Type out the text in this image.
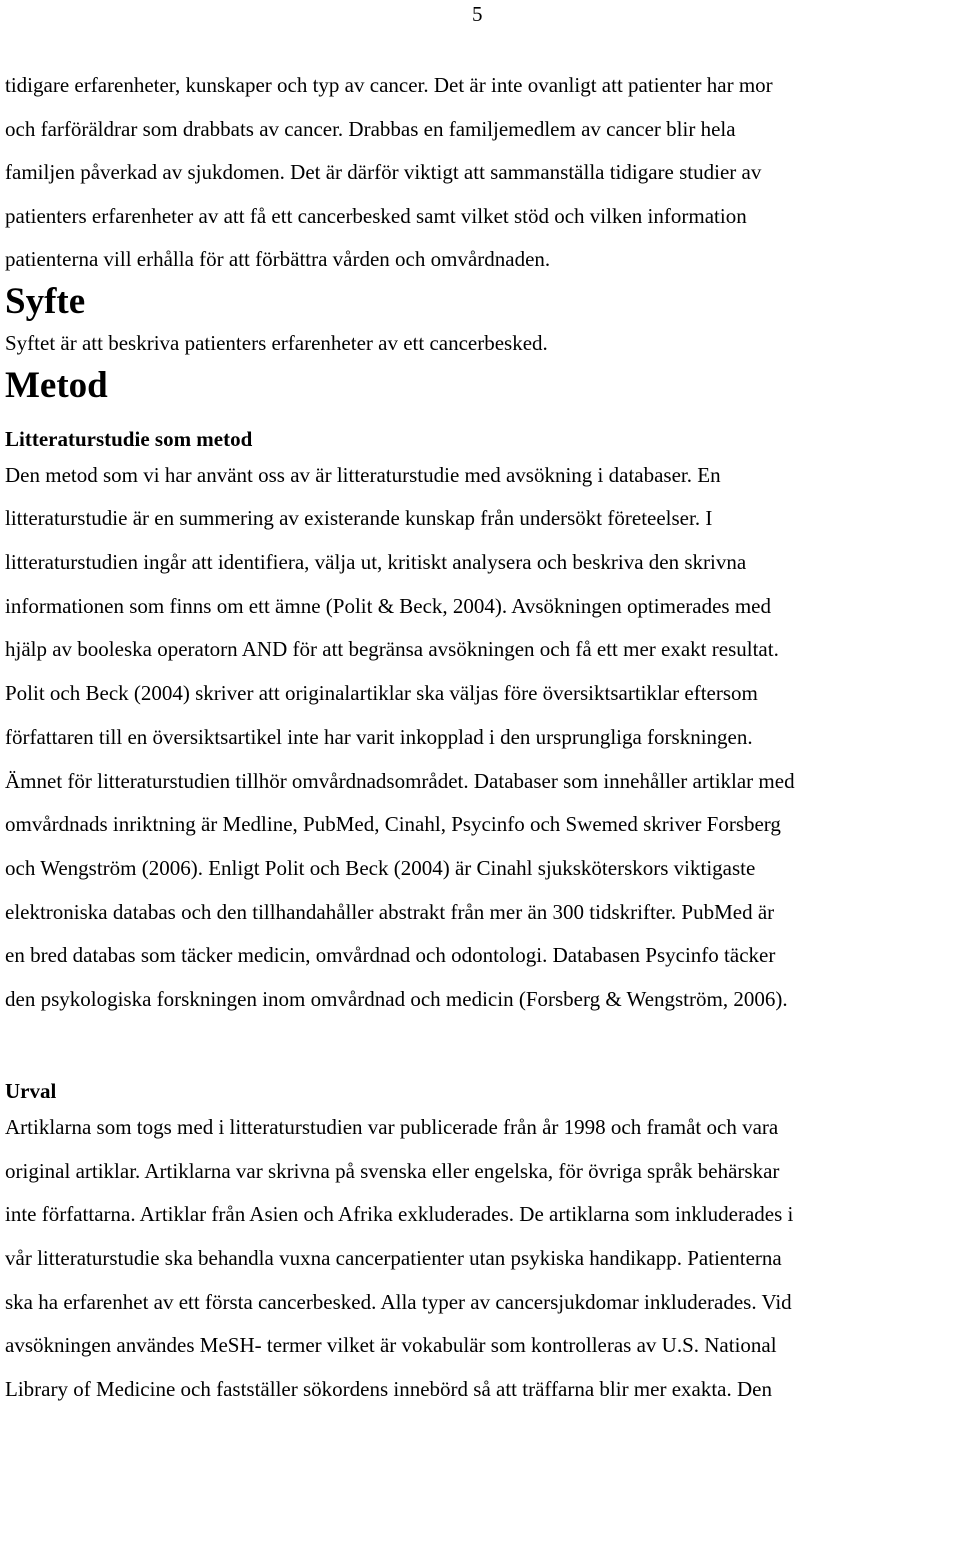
5
tidigare erfarenheter, kunskaper och typ av cancer. Det är inte ovanligt att patienter har mor
och farföräldrar som drabbats av cancer. Drabbas en familjemedlem av cancer blir hela
familjen påverkad av sjukdomen. Det är därför viktigt att sammanställa tidigare studier av
patienters erfarenheter av att få ett cancerbesked samt vilket stöd och vilken information
patienterna vill erhålla för att förbättra vården och omvårdnaden.
Syfte

Syftet är att beskriva patienters erfarenheter av ett cancerbesked.

Metod
Litteraturstudie som metod

Den metod som vi har använt oss av är litteraturstudie med avsökning i databaser. En
litteraturstudie är en summering av existerande kunskap från undersökt företeelser. I
litteraturstudien ingår att identifiera, välja ut, kritiskt analysera och beskriva den skrivna
informationen som finns om ett ämne (Polit & Beck, 2004). Avsökningen optimerades med
hjälp av booleska operatorn AND för att begränsa avsökningen och få ett mer exakt resultat.
Polit och Beck (2004) skriver att originalartiklar ska väljas före översiktsartiklar eftersom
författaren till en översiktsartikel inte har varit inkopplad i den ursprungliga forskningen.
Ämnet för litteraturstudien tillhör omvårdnadsområdet. Databaser som innehåller artiklar med
omvårdnads inriktning är Medline, PubMed, Cinahl, Psycinfo och Swemed skriver Forsberg
och Wengström (2006). Enligt Polit och Beck (2004) är Cinahl sjuksköterskors viktigaste
elektroniska databas och den tillhandahåller abstrakt från mer än 300 tidskrifter. PubMed är
en bred databas som täcker medicin, omvårdnad och odontologi. Databasen Psycinfo täcker
den psykologiska forskningen inom omvårdnad och medicin (Forsberg & Wengström, 2006).

Urval

Artiklarna som togs med i litteraturstudien var publicerade från år 1998 och framåt och vara
original artiklar. Artiklarna var skrivna på svenska eller engelska, för övriga språk behärskar
inte författarna. Artiklar från Asien och Afrika exkluderades. De artiklarna som inkluderades i
vår litteraturstudie ska behandla vuxna cancerpatienter utan psykiska handikapp. Patienterna
ska ha erfarenhet av ett första cancerbesked. Alla typer av cancersjukdomar inkluderades. Vid
avsökningen användes MeSH- termer vilket är vokabulär som kontrolleras av U.S. National
Library of Medicine och fastställer sökordens innebörd så att träffarna blir mer exakta. Den
